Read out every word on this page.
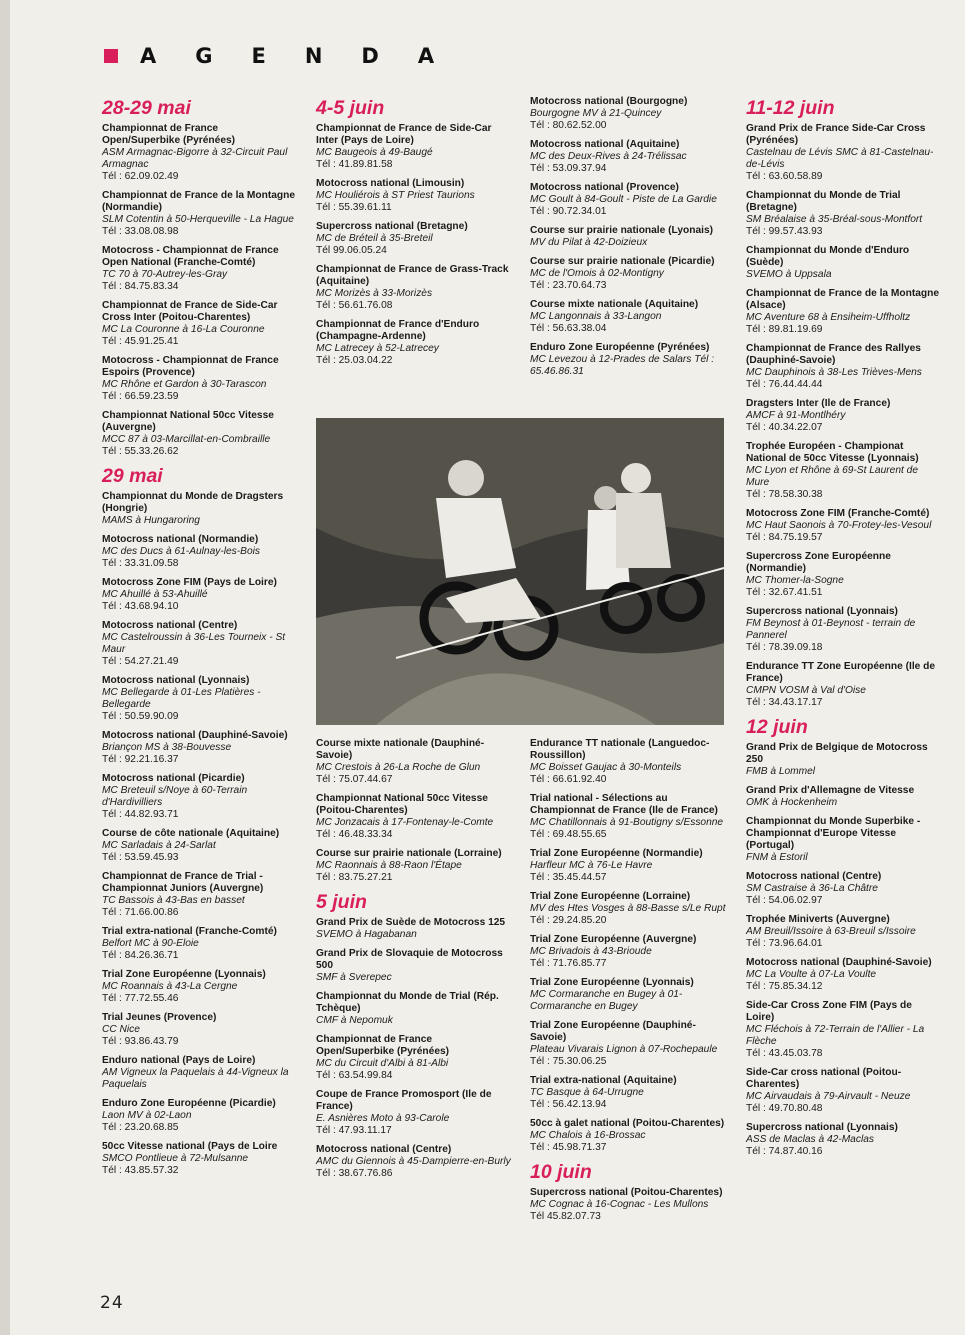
AGENDA
28-29 mai
Championnat de France Open/Superbike (Pyrénées)
ASM Armagnac-Bigorre à 32-Circuit Paul Armagnac
Tél : 62.09.02.49
Championnat de France de la Montagne (Normandie)
SLM Cotentin à 50-Herqueville - La Hague
Tél : 33.08.08.98
Motocross - Championnat de France Open National (Franche-Comté)
TC 70 à 70-Autrey-les-Gray
Tél : 84.75.83.34
Championnat de France de Side-Car Cross Inter (Poitou-Charentes)
MC La Couronne à 16-La Couronne
Tél : 45.91.25.41
Motocross - Championnat de France Espoirs (Provence)
MC Rhône et Gardon à 30-Tarascon
Tél : 66.59.23.59
Championnat National 50cc Vitesse (Auvergne)
MCC 87 à 03-Marcillat-en-Combraille
Tél : 55.33.26.62
29 mai
Championnat du Monde de Dragsters (Hongrie)
MAMS à Hungaroring
Motocross national (Normandie)
MC des Ducs à 61-Aulnay-les-Bois
Tél : 33.31.09.58
Motocross Zone FIM (Pays de Loire)
MC Ahuillé à 53-Ahuillé
Tél : 43.68.94.10
Motocross national (Centre)
MC Castelroussin à 36-Les Tourneix - St Maur
Tél : 54.27.21.49
Motocross national (Lyonnais)
MC Bellegarde à 01-Les Platières - Bellegarde
Tél : 50.59.90.09
Motocross national (Dauphiné-Savoie)
Briançon MS à 38-Bouvesse
Tél : 92.21.16.37
Motocross national (Picardie)
MC Breteuil s/Noye à 60-Terrain d'Hardivilliers
Tél : 44.82.93.71
Course de côte nationale (Aquitaine)
MC Sarladais à 24-Sarlat
Tél : 53.59.45.93
Championnat de France de Trial - Championnat Juniors (Auvergne)
TC Bassois à 43-Bas en basset
Tél : 71.66.00.86
Trial extra-national (Franche-Comté)
Belfort MC à 90-Eloie
Tél : 84.26.36.71
Trial Zone Européenne (Lyonnais)
MC Roannais à 43-La Cergne
Tél : 77.72.55.46
Trial Jeunes (Provence)
CC Nice
Tél : 93.86.43.79
Enduro national (Pays de Loire)
AM Vigneux la Paquelais à 44-Vigneux la Paquelais
Enduro Zone Européenne (Picardie)
Laon MV à 02-Laon
Tél : 23.20.68.85
50cc Vitesse national (Pays de Loire
SMCO Pontlieue à 72-Mulsanne
Tél : 43.85.57.32
4-5 juin
Championnat de France de Side-Car Inter (Pays de Loire)
MC Baugeois à 49-Baugé
Tél : 41.89.81.58
Motocross national (Limousin)
MC Houliérois à ST Priest Taurions
Tél : 55.39.61.11
Supercross national (Bretagne)
MC de Bréteil à 35-Breteil
Tél 99.06.05.24
Championnat de France de Grass-Track (Aquitaine)
MC Morizès à 33-Morizès
Tél : 56.61.76.08
Championnat de France d'Enduro (Champagne-Ardenne)
MC Latrecey à 52-Latrecey
Tél : 25.03.04.22
Course mixte nationale (Dauphiné-Savoie)
MC Crestois à 26-La Roche de Glun
Tél : 75.07.44.67
Championnat National 50cc Vitesse (Poitou-Charentes)
MC Jonzacais à 17-Fontenay-le-Comte
Tél : 46.48.33.34
Course sur prairie nationale (Lorraine)
MC Raonnais à 88-Raon l'Étape
Tél : 83.75.27.21
5 juin
Grand Prix de Suède de Motocross 125
SVEMO à Hagabanan
Grand Prix de Slovaquie de Motocross 500
SMF à Sverepec
Championnat du Monde de Trial (Rép. Tchèque)
CMF à Nepomuk
Championnat de France Open/Superbike (Pyrénées)
MC du Circuit d'Albi à 81-Albi
Tél : 63.54.99.84
Coupe de France Promosport (Ile de France)
E. Asnières Moto à 93-Carole
Tél : 47.93.11.17
Motocross national (Centre)
AMC du Giennois à 45-Dampierre-en-Burly
Tél : 38.67.76.86
Motocross national (Bourgogne)
Bourgogne MV à 21-Quincey
Tél : 80.62.52.00
Motocross national (Aquitaine)
MC des Deux-Rives à 24-Trélissac
Tél : 53.09.37.94
Motocross national (Provence)
MC Goult à 84-Goult - Piste de La Gardie
Tél : 90.72.34.01
Course sur prairie nationale (Lyonais)
MV du Pilat à 42-Doizieux
Course sur prairie nationale (Picardie)
MC de l'Omois à 02-Montigny
Tél : 23.70.64.73
Course mixte nationale (Aquitaine)
MC Langonnais à 33-Langon
Tél : 56.63.38.04
Enduro Zone Européenne (Pyrénées)
MC Levezou à 12-Prades de Salars Tél : 65.46.86.31
Endurance TT nationale (Languedoc-Roussillon)
MC Boisset Gaujac à 30-Monteils
Tél : 66.61.92.40
Trial national - Sélections au Championnat de France (Ile de France)
MC Chatillonnais à 91-Boutigny s/Essonne
Tél : 69.48.55.65
Trial Zone Européenne (Normandie)
Harfleur MC à 76-Le Havre
Tél : 35.45.44.57
Trial Zone Européenne (Lorraine)
MV des Htes Vosges à 88-Basse s/Le Rupt
Tél : 29.24.85.20
Trial Zone Européenne (Auvergne)
MC Brivadois à 43-Brioude
Tél : 71.76.85.77
Trial Zone Européenne (Lyonnais)
MC Cormaranche en Bugey à 01-Cormaranche en Bugey
Trial Zone Européenne (Dauphiné-Savoie)
Plateau Vivarais Lignon à 07-Rochepaule
Tél : 75.30.06.25
Trial extra-national (Aquitaine)
TC Basque à 64-Urrugne
Tél : 56.42.13.94
50cc à galet national (Poitou-Charentes)
MC Chalois à 16-Brossac
Tél : 45.98.71.37
10 juin
Supercross national (Poitou-Charentes)
MC Cognac à 16-Cognac - Les Mullons
Tél 45.82.07.73
11-12 juin
Grand Prix de France Side-Car Cross (Pyrénées)
Castelnau de Lévis SMC à 81-Castelnau-de-Lévis
Tél : 63.60.58.89
Championnat du Monde de Trial (Bretagne)
SM Bréalaise à 35-Bréal-sous-Montfort
Tél : 99.57.43.93
Championnat du Monde d'Enduro (Suède)
SVEMO à Uppsala
Championnat de France de la Montagne (Alsace)
MC Aventure 68 à Ensiheim-Uffholtz
Tél : 89.81.19.69
Championnat de France des Rallyes (Dauphiné-Savoie)
MC Dauphinois à 38-Les Trièves-Mens
Tél : 76.44.44.44
Dragsters Inter (Ile de France)
AMCF à 91-Montlhéry
Tél : 40.34.22.07
Trophée Européen - Championat National de 50cc Vitesse (Lyonnais)
MC Lyon et Rhône à 69-St Laurent de Mure
Tél : 78.58.30.38
Motocross Zone FIM (Franche-Comté)
MC Haut Saonois à 70-Frotey-les-Vesoul
Tél : 84.75.19.57
Supercross Zone Européenne (Normandie)
MC Thomer-la-Sogne
Tél : 32.67.41.51
Supercross national (Lyonnais)
FM Beynost à 01-Beynost - terrain de Pannerel
Tél : 78.39.09.18
Endurance TT Zone Européenne (Ile de France)
CMPN VOSM à Val d'Oise
Tél : 34.43.17.17
12 juin
Grand Prix de Belgique de Motocross 250
FMB à Lommel
Grand Prix d'Allemagne de Vitesse
OMK à Hockenheim
Championnat du Monde Superbike - Championnat d'Europe Vitesse (Portugal)
FNM à Estoril
Motocross national (Centre)
SM Castraise à 36-La Châtre
Tél : 54.06.02.97
Trophée Miniverts (Auvergne)
AM Breuil/Issoire à 63-Breuil s/Issoire
Tél : 73.96.64.01
Motocross national (Dauphiné-Savoie)
MC La Voulte à 07-La Voulte
Tél : 75.85.34.12
Side-Car Cross Zone FIM (Pays de Loire)
MC Fléchois à 72-Terrain de l'Allier - La Flèche
Tél : 43.45.03.78
Side-Car cross national (Poitou-Charentes)
MC Airvaudais à 79-Airvault - Neuze
Tél : 49.70.80.48
Supercross national (Lyonnais)
ASS de Maclas à 42-Maclas
Tél : 74.87.40.16
24
